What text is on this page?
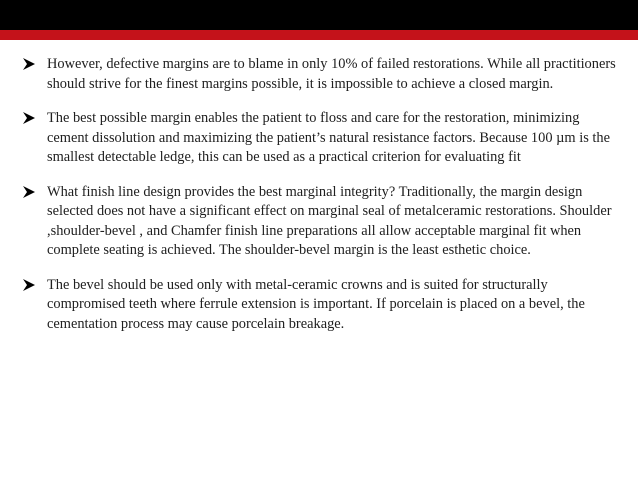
However, defective margins are to blame in only 10% of failed restorations. While all practitioners should strive for the finest margins possible, it is impossible to achieve a closed margin.
The best possible margin enables the patient to floss and care for the restoration, minimizing cement dissolution and maximizing the patient’s natural resistance factors. Because 100 µm is the smallest detectable ledge, this can be used as a practical criterion for evaluating fit
What finish line design provides the best marginal integrity? Traditionally, the margin design selected does not have a significant effect on marginal seal of metalceramic restorations. Shoulder ,shoulder-bevel , and Chamfer finish line preparations all allow acceptable marginal fit when complete seating is achieved. The shoulder-bevel margin is the least esthetic choice.
The bevel should be used only with metal-ceramic crowns and is suited for structurally compromised teeth where ferrule extension is important. If porcelain is placed on a bevel, the cementation process may cause porcelain breakage.
